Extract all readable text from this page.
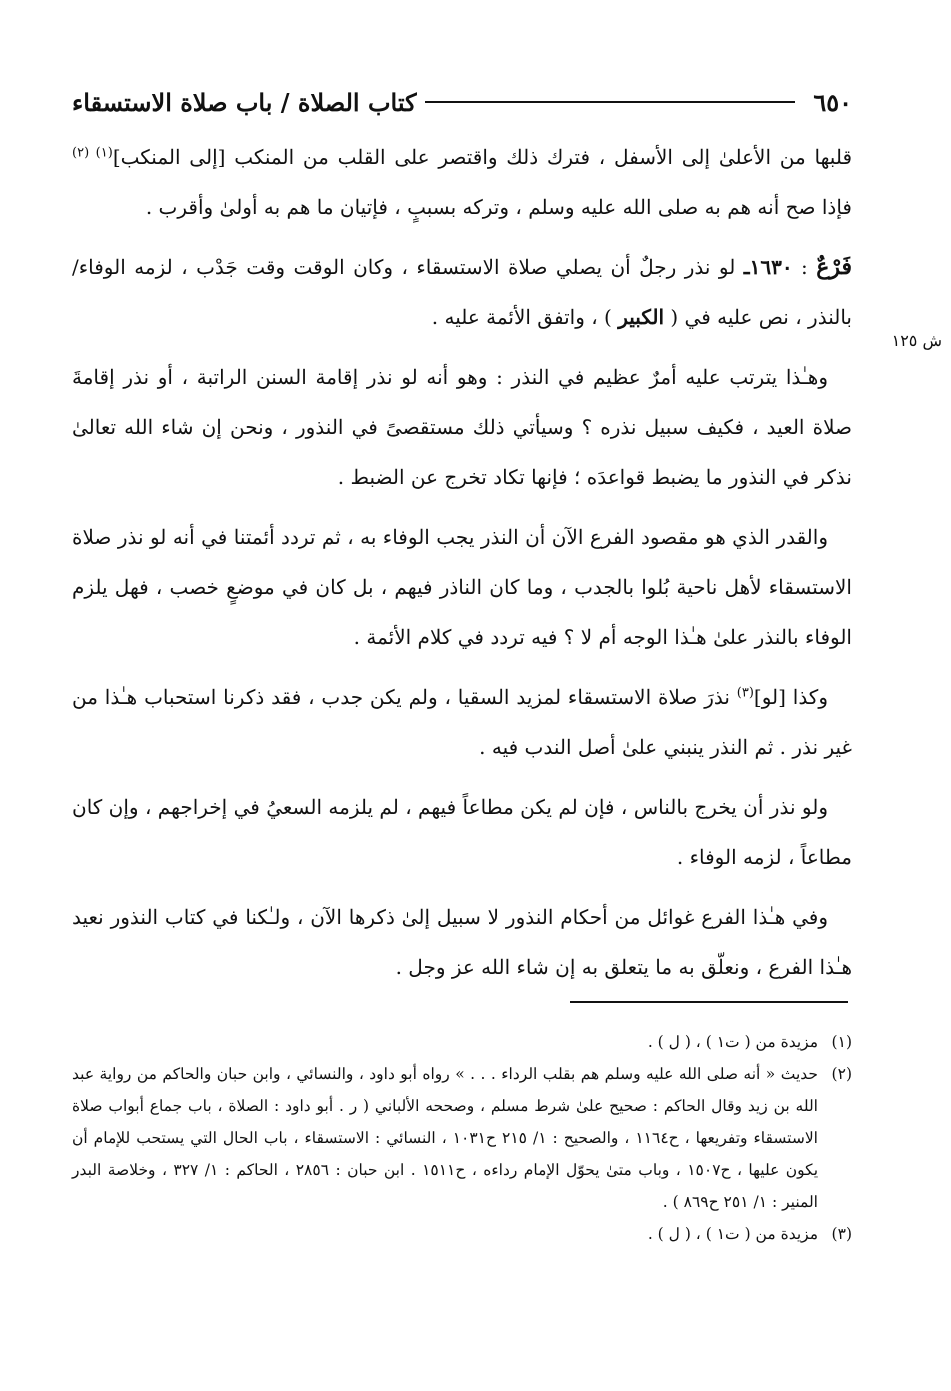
٦٥٠
كتاب الصلاة / باب صلاة الاستسقاء
ش ١٢٥

قلبها من الأعلىٰ إلى الأسفل ، فترك ذلك واقتصر على القلب من المنكب [إلى المنكب]$^{(١) (٢)}$ فإذا صح أنه هم به صلى الله عليه وسلم ، وتركه بسببٍ ، فإتيان ما هم به أولىٰ وأقرب .

فَرْعٌ : ١٦٣٠ـ لو نذر رجلٌ أن يصلي صلاة الاستسقاء ، وكان الوقت وقت جَدْب ، لزمه الوفاء/ بالنذر ، نص عليه في ( الكبير ) ، واتفق الأئمة عليه .

وهـٰذا يترتب عليه أمرٌ عظيم في النذر : وهو أنه لو نذر إقامة السنن الراتبة ، أو نذر إقامةَ صلاة العيد ، فكيف سبيل نذره ؟ وسيأتي ذلك مستقصىً في النذور ، ونحن إن شاء الله تعالىٰ نذكر في النذور ما يضبط قواعدَه ؛ فإنها تكاد تخرج عن الضبط .

والقدر الذي هو مقصود الفرع الآن أن النذر يجب الوفاء به ، ثم تردد أئمتنا في أنه لو نذر صلاة الاستسقاء لأهل ناحية بُلوا بالجدب ، وما كان الناذر فيهم ، بل كان في موضعٍ خصب ، فهل يلزم الوفاء بالنذر علىٰ هـٰذا الوجه أم لا ؟ فيه تردد في كلام الأئمة .

وكذا [لو]$^{(٣)}$ نذرَ صلاة الاستسقاء لمزيد السقيا ، ولم يكن جدب ، فقد ذكرنا استحباب هـٰذا من غير نذر . ثم النذر ينبني علىٰ أصل الندب فيه .

ولو نذر أن يخرج بالناس ، فإن لم يكن مطاعاً فيهم ، لم يلزمه السعيُ في إخراجهم ، وإن كان مطاعاً ، لزمه الوفاء .

وفي هـٰذا الفرع غوائل من أحكام النذور لا سبيل إلىٰ ذكرها الآن ، ولـٰكنا في كتاب النذور نعيد هـٰذا الفرع ، ونعلّق به ما يتعلق به إن شاء الله عز وجل .

(١)
مزيدة من ( ت١ ) ، ( ل ) .
(٢)
حديث « أنه صلى الله عليه وسلم هم بقلب الرداء . . . » رواه أبو داود ، والنسائي ، وابن حبان والحاكم من رواية عبد الله بن زيد وقال الحاكم : صحيح علىٰ شرط مسلم ، وصححه الألباني ( ر . أبو داود : الصلاة ، باب جماع أبواب صلاة الاستسقاء وتفريعها ، ح١١٦٤ ، والصحيح : ١/ ٢١٥ ح١٠٣١ ، النسائي : الاستسقاء ، باب الحال التي يستحب للإمام أن يكون عليها ، ح١٥٠٧ ، وباب متىٰ يحوّل الإمام رداءه ، ح١٥١١ . ابن حبان : ٢٨٥٦ ، الحاكم : ١/ ٣٢٧ ، وخلاصة البدر المنير : ١/ ٢٥١ ح٨٦٩ ) .
(٣)
مزيدة من ( ت١ ) ، ( ل ) .
